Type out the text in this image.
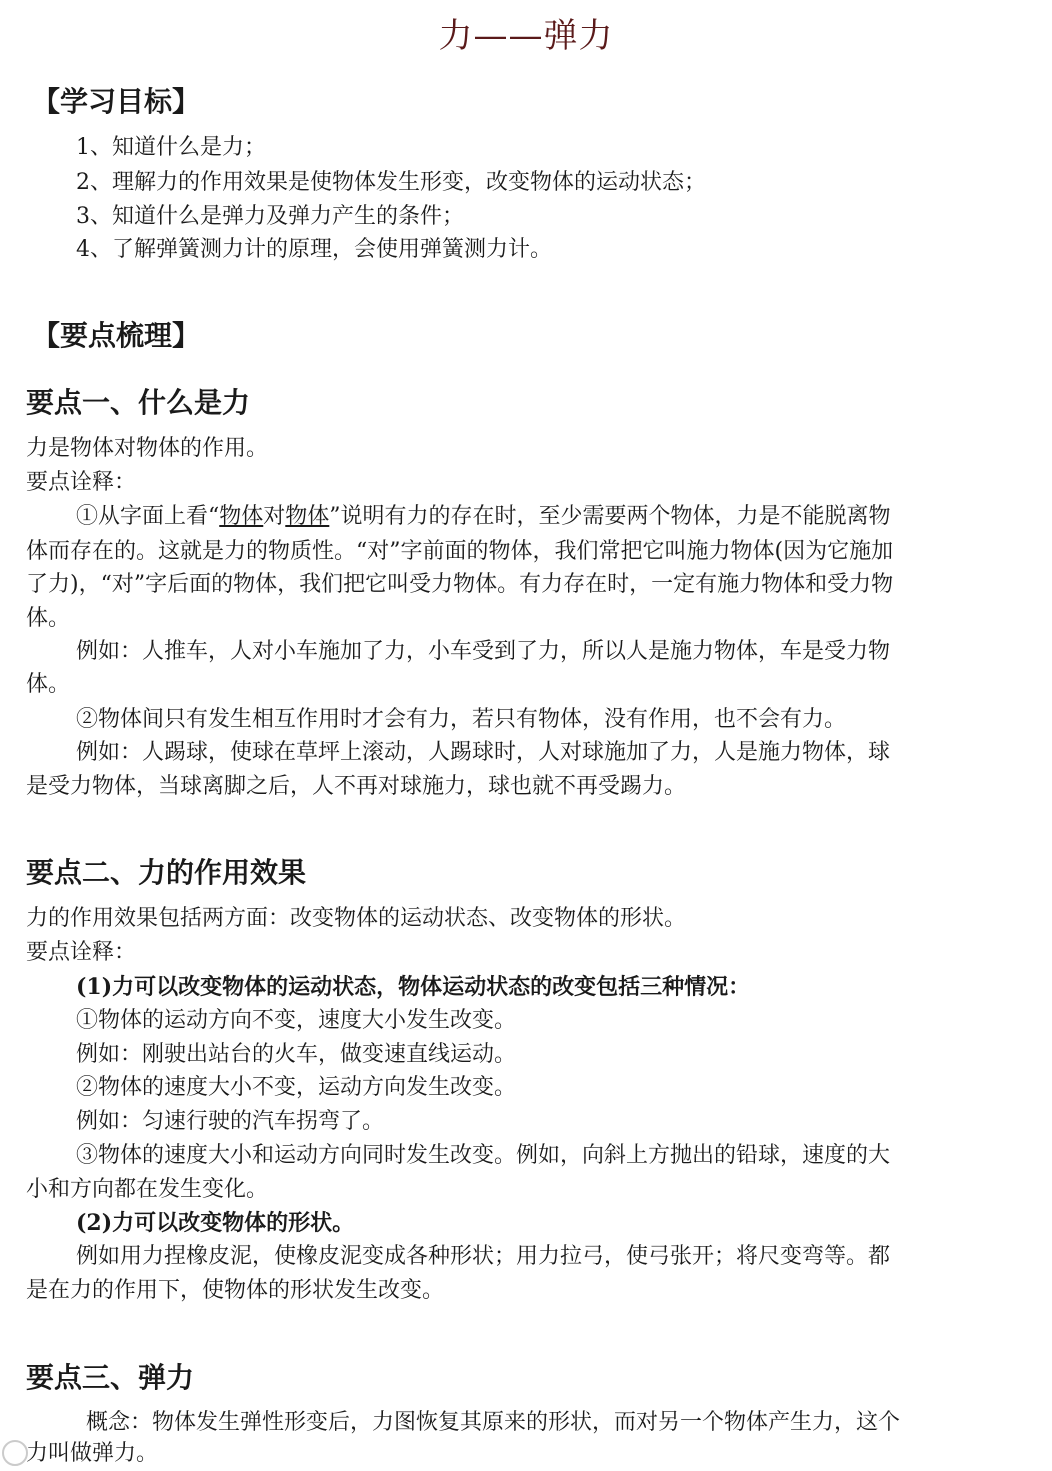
力——弹力
【学习目标】
1、知道什么是力；
2、理解力的作用效果是使物体发生形变，改变物体的运动状态；
3、知道什么是弹力及弹力产生的条件；
4、了解弹簧测力计的原理，会使用弹簧测力计。
【要点梳理】
要点一、什么是力
力是物体对物体的作用。
要点诠释：
①从字面上看“物体对物体”说明有力的存在时，至少需要两个物体，力是不能脱离物
体而存在的。这就是力的物质性。“对”字前面的物体，我们常把它叫施力物体(因为它施加
了力)，“对”字后面的物体，我们把它叫受力物体。有力存在时，一定有施力物体和受力物
体。
例如：人推车，人对小车施加了力，小车受到了力，所以人是施力物体，车是受力物
体。
②物体间只有发生相互作用时才会有力，若只有物体，没有作用，也不会有力。
例如：人踢球，使球在草坪上滚动，人踢球时，人对球施加了力，人是施力物体，球
是受力物体，当球离脚之后，人不再对球施力，球也就不再受踢力。
要点二、力的作用效果
力的作用效果包括两方面：改变物体的运动状态、改变物体的形状。
要点诠释：
(1)力可以改变物体的运动状态，物体运动状态的改变包括三种情况：
①物体的运动方向不变，速度大小发生改变。
例如：刚驶出站台的火车，做变速直线运动。
②物体的速度大小不变，运动方向发生改变。
例如：匀速行驶的汽车拐弯了。
③物体的速度大小和运动方向同时发生改变。例如，向斜上方抛出的铅球，速度的大
小和方向都在发生变化。
(2)力可以改变物体的形状。
例如用力捏橡皮泥，使橡皮泥变成各种形状；用力拉弓，使弓张开；将尺变弯等。都
是在力的作用下，使物体的形状发生改变。
要点三、弹力
概念：物体发生弹性形变后，力图恢复其原来的形状，而对另一个物体产生力，这个
力叫做弹力。
